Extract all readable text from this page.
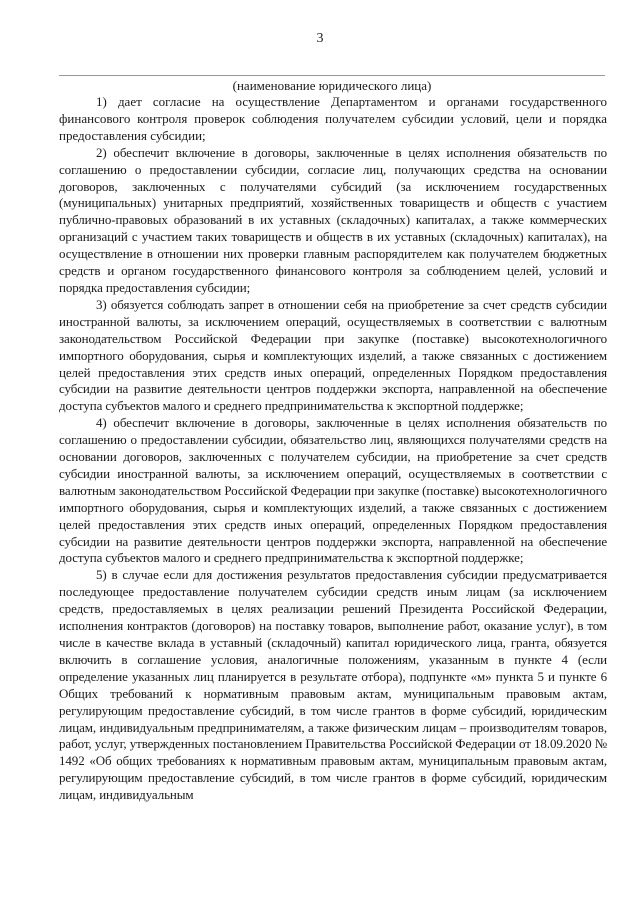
3
(наименование юридического лица)

1) дает согласие на осуществление Департаментом и органами государственного финансового контроля проверок соблюдения получателем субсидии условий, цели и порядка предоставления субсидии;

2) обеспечит включение в договоры, заключенные в целях исполнения обязательств по соглашению о предоставлении субсидии, согласие лиц, получающих средства на основании договоров, заключенных с получателями субсидий (за исключением государственных (муниципальных) унитарных предприятий, хозяйственных товариществ и обществ с участием публично-правовых образований в их уставных (складочных) капиталах, а также коммерческих организаций с участием таких товариществ и обществ в их уставных (складочных) капиталах), на осуществление в отношении них проверки главным распорядителем как получателем бюджетных средств и органом государственного финансового контроля за соблюдением целей, условий и порядка предоставления субсидии;

3) обязуется соблюдать запрет в отношении себя на приобретение за счет средств субсидии иностранной валюты, за исключением операций, осуществляемых в соответствии с валютным законодательством Российской Федерации при закупке (поставке) высокотехнологичного импортного оборудования, сырья и комплектующих изделий, а также связанных с достижением целей предоставления этих средств иных операций, определенных Порядком предоставления субсидии на развитие деятельности центров поддержки экспорта, направленной на обеспечение доступа субъектов малого и среднего предпринимательства к экспортной поддержке;

4) обеспечит включение в договоры, заключенные в целях исполнения обязательств по соглашению о предоставлении субсидии, обязательство лиц, являющихся получателями средств на основании договоров, заключенных с получателем субсидии, на приобретение за счет средств субсидии иностранной валюты, за исключением операций, осуществляемых в соответствии с валютным законодательством Российской Федерации при закупке (поставке) высокотехнологичного импортного оборудования, сырья и комплектующих изделий, а также связанных с достижением целей предоставления этих средств иных операций, определенных Порядком предоставления субсидии на развитие деятельности центров поддержки экспорта, направленной на обеспечение доступа субъектов малого и среднего предпринимательства к экспортной поддержке;

5) в случае если для достижения результатов предоставления субсидии предусматривается последующее предоставление получателем субсидии средств иным лицам (за исключением средств, предоставляемых в целях реализации решений Президента Российской Федерации, исполнения контрактов (договоров) на поставку товаров, выполнение работ, оказание услуг), в том числе в качестве вклада в уставный (складочный) капитал юридического лица, гранта, обязуется включить в соглашение условия, аналогичные положениям, указанным в пункте 4 (если определение указанных лиц планируется в результате отбора), подпункте «м» пункта 5 и пункте 6 Общих требований к нормативным правовым актам, муниципальным правовым актам, регулирующим предоставление субсидий, в том числе грантов в форме субсидий, юридическим лицам, индивидуальным предпринимателям, а также физическим лицам – производителям товаров, работ, услуг, утвержденных постановлением Правительства Российской Федерации от 18.09.2020 № 1492 «Об общих требованиях к нормативным правовым актам, муниципальным правовым актам, регулирующим предоставление субсидий, в том числе грантов в форме субсидий, юридическим лицам, индивидуальным
